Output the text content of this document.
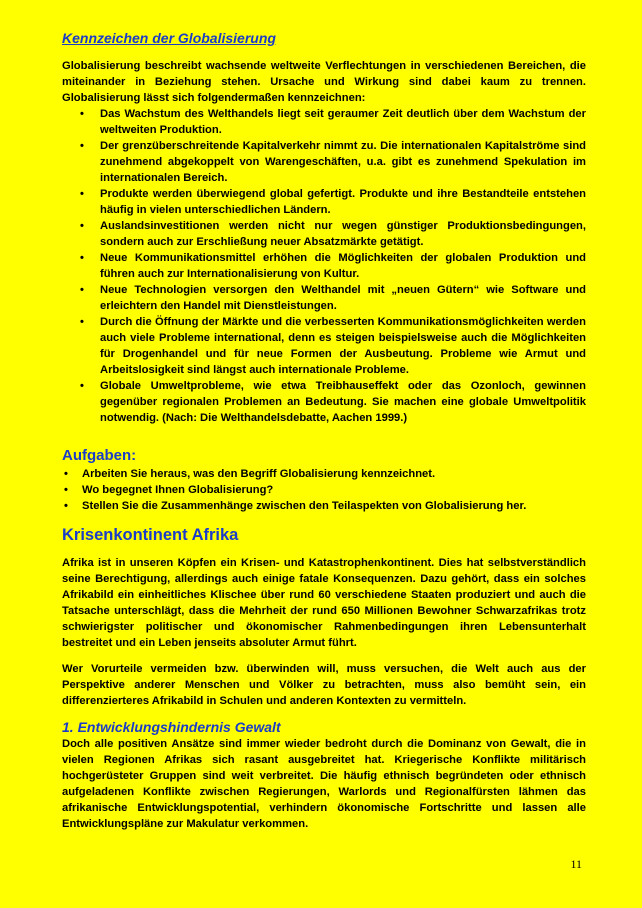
Kennzeichen der Globalisierung

Globalisierung beschreibt wachsende weltweite Verflechtungen in verschiedenen Bereichen, die miteinander in Beziehung stehen. Ursache und Wirkung sind dabei kaum zu trennen. Globalisierung lässt sich folgendermaßen kennzeichnen:

• Das Wachstum des Welthandels liegt seit geraumer Zeit deutlich über dem Wachstum der weltweiten Produktion.
• Der grenzüberschreitende Kapitalverkehr nimmt zu. Die internationalen Kapitalströme sind zunehmend abgekoppelt von Warengeschäften, u.a. gibt es zunehmend Spekulation im internationalen Bereich.
• Produkte werden überwiegend global gefertigt. Produkte und ihre Bestandteile entstehen häufig in vielen unterschiedlichen Ländern.
• Auslandsinvestitionen werden nicht nur wegen günstiger Produktionsbedingungen, sondern auch zur Erschließung neuer Absatzmärkte getätigt.
• Neue Kommunikationsmittel erhöhen die Möglichkeiten der globalen Produktion und führen auch zur Internationalisierung von Kultur.
• Neue Technologien versorgen den Welthandel mit „neuen Gütern“ wie Software und erleichtern den Handel mit Dienstleistungen.
• Durch die Öffnung der Märkte und die verbesserten Kommunikationsmöglichkeiten werden auch viele Probleme international, denn es steigen beispielsweise auch die Möglichkeiten für Drogenhandel und für neue Formen der Ausbeutung. Probleme wie Armut und Arbeitslosigkeit sind längst auch internationale Probleme.
• Globale Umweltprobleme, wie etwa Treibhauseffekt oder das Ozonloch, gewinnen gegenüber regionalen Problemen an Bedeutung. Sie machen eine globale Umweltpolitik notwendig. (Nach: Die Welthandelsdebatte, Aachen 1999.)
Aufgaben:
• Arbeiten Sie heraus, was den Begriff Globalisierung kennzeichnet.
• Wo begegnet Ihnen Globalisierung?
• Stellen Sie die Zusammenhänge zwischen den Teilaspekten von Globalisierung her.
Krisenkontinent Afrika

Afrika ist in unseren Köpfen ein Krisen- und Katastrophenkontinent. Dies hat selbstverständlich seine Berechtigung, allerdings auch einige fatale Konsequenzen. Dazu gehört, dass ein solches Afrikabild ein einheitliches Klischee über rund 60 verschiedene Staaten produziert und auch die Tatsache unterschlägt, dass die Mehrheit der rund 650 Millionen Bewohner Schwarzafrikas trotz schwierigster politischer und ökonomischer Rahmenbedingungen ihren Lebensunterhalt bestreitet und ein Leben jenseits absoluter Armut führt.

Wer Vorurteile vermeiden bzw. überwinden will, muss versuchen, die Welt auch aus der Perspektive anderer Menschen und Völker zu betrachten, muss also bemüht sein, ein differenzierteres Afrikabild in Schulen und anderen Kontexten zu vermitteln.

1. Entwicklungshindernis Gewalt

Doch alle positiven Ansätze sind immer wieder bedroht durch die Dominanz von Gewalt, die in vielen Regionen Afrikas sich rasant ausgebreitet hat. Kriegerische Konflikte militärisch hochgerüsteter Gruppen sind weit verbreitet. Die häufig ethnisch begründeten oder ethnisch aufgeladenen Konflikte zwischen Regierungen, Warlords und Regionalfürsten lähmen das afrikanische Entwicklungspotential, verhindern ökonomische Fortschritte und lassen alle Entwicklungspläne zur Makulatur verkommen.

11
